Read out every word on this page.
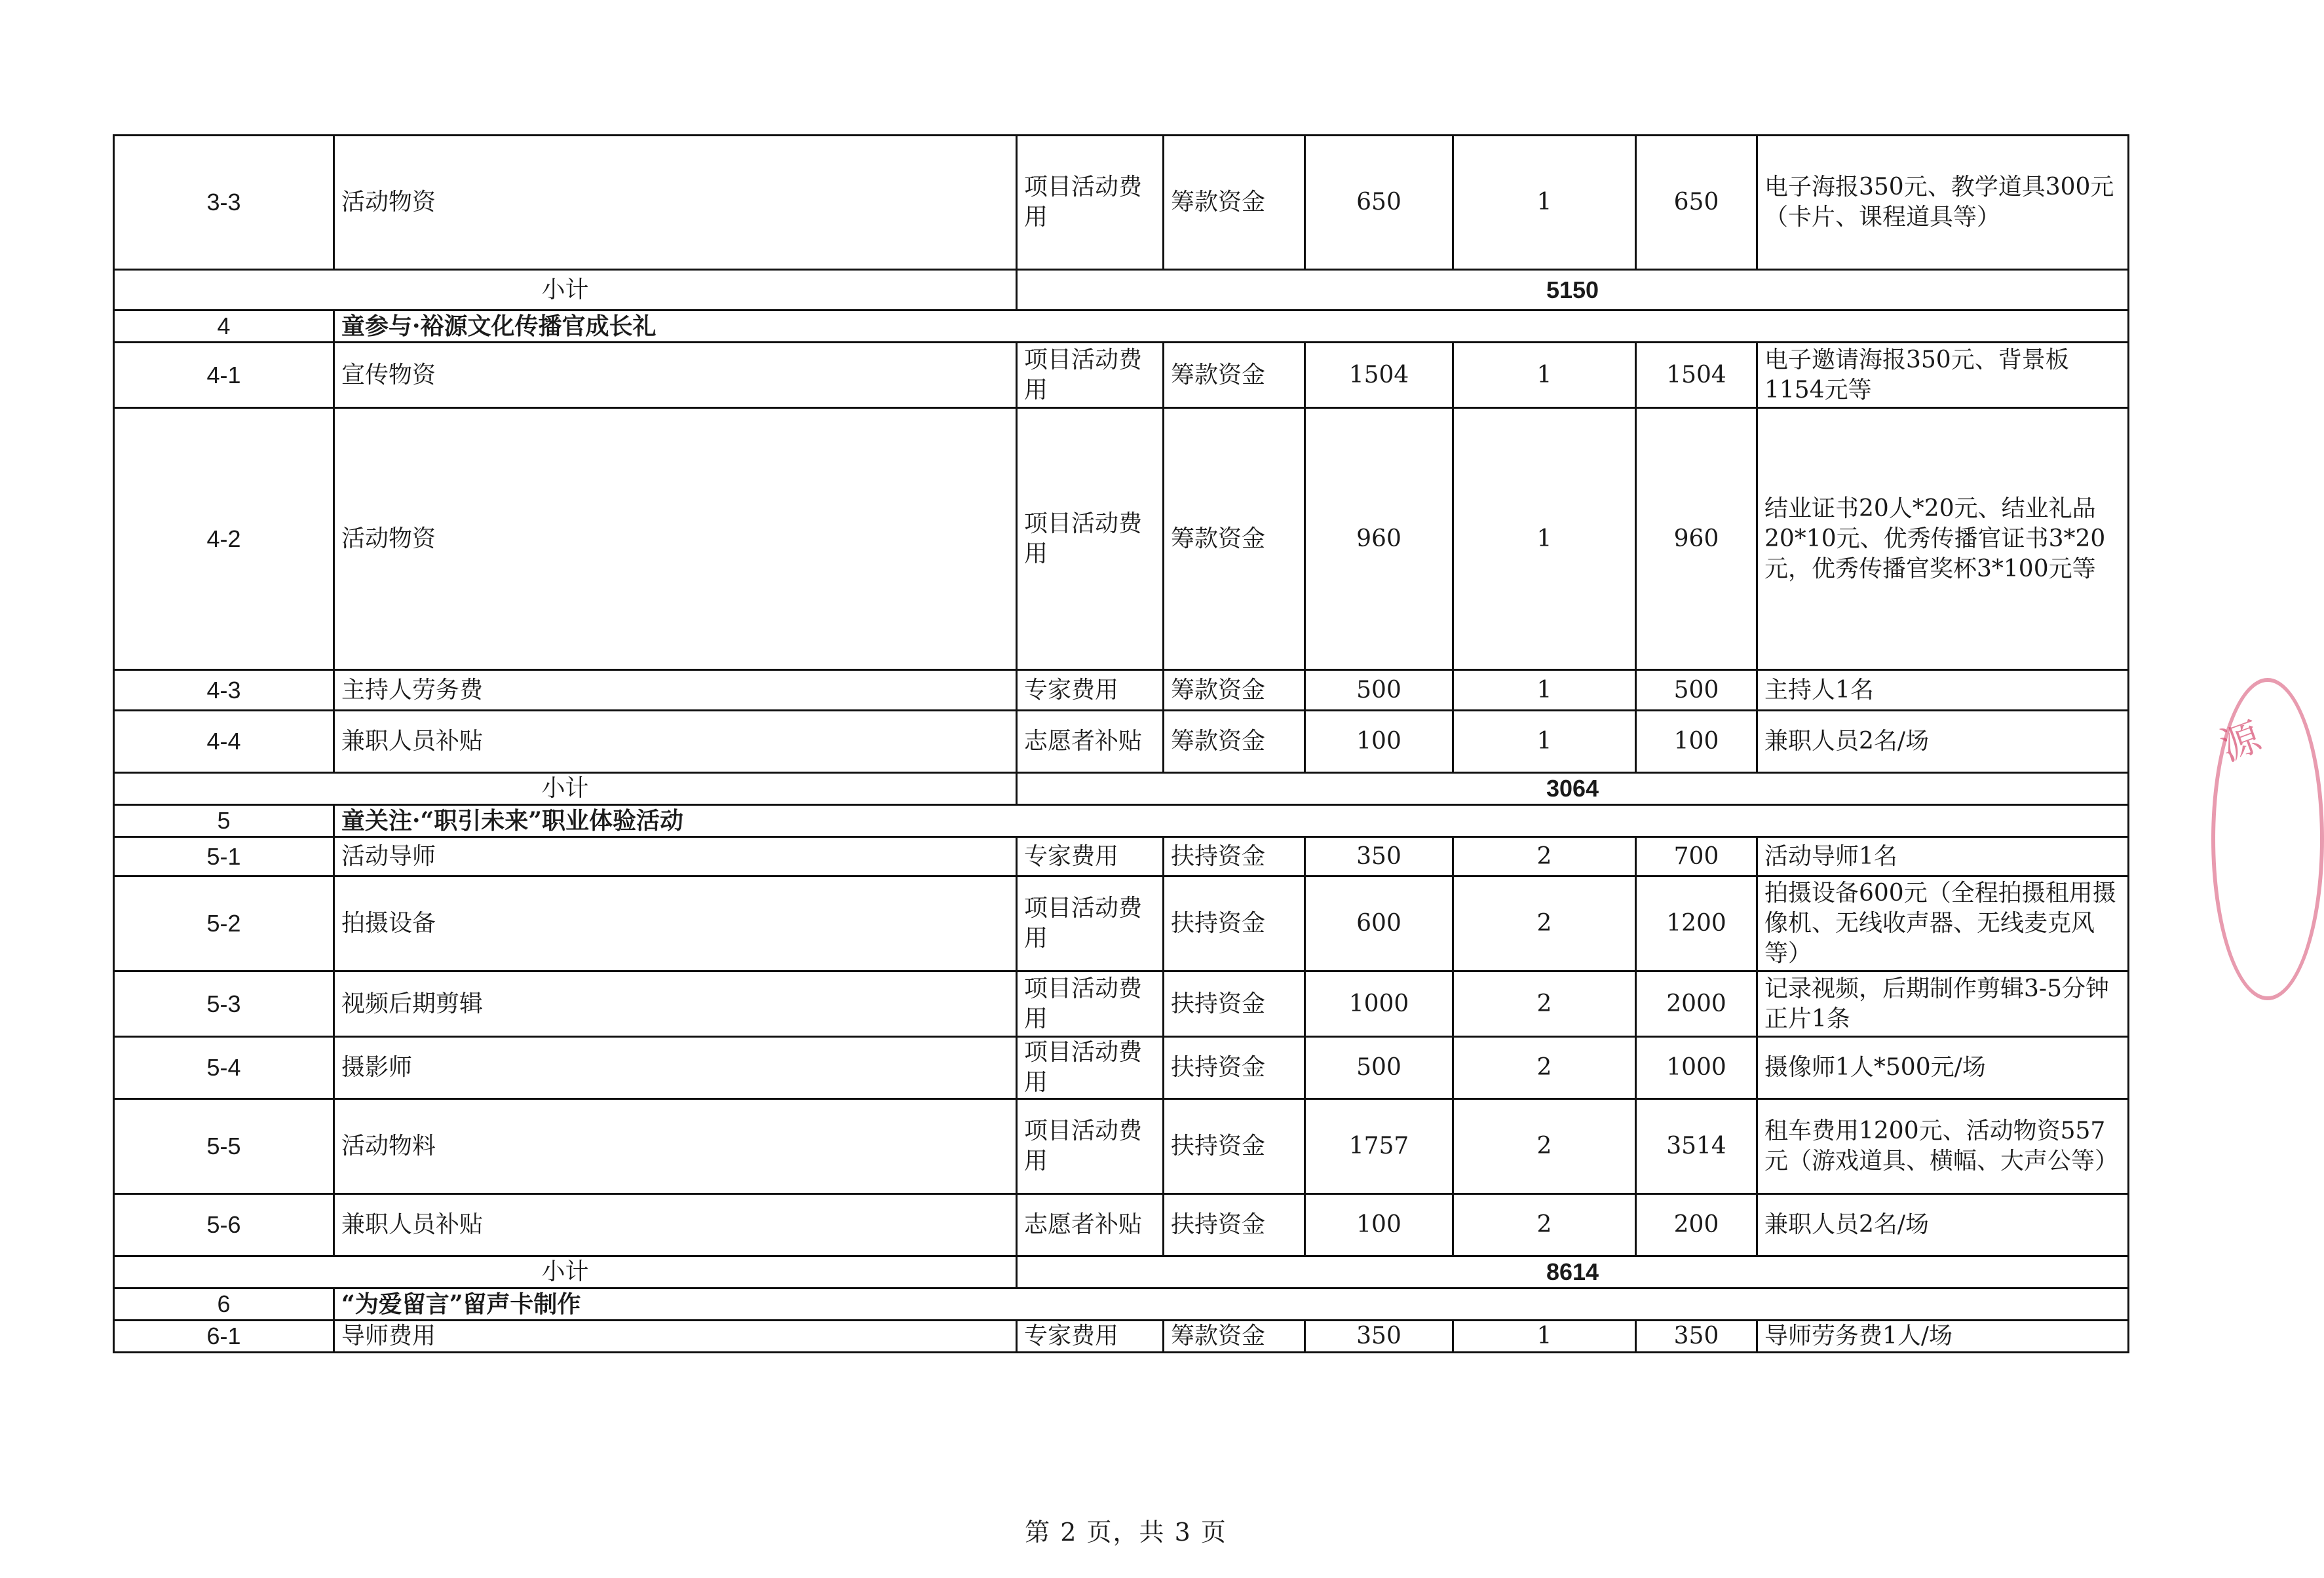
3-3	活动物资	项目活动费用	筹款资金	650	1	650	电子海报350元、教学道具300元（卡片、课程道具等）
小计		5150					
4	童参与·裕源文化传播官成长礼						
4-1	宣传物资	项目活动费用	筹款资金	1504	1	1504	电子邀请海报350元、背景板1154元等
4-2	活动物资	项目活动费用	筹款资金	960	1	960	结业证书20人*20元、结业礼品20*10元、优秀传播官证书3*20元，优秀传播官奖杯3*100元等
4-3	主持人劳务费	专家费用	筹款资金	500	1	500	主持人1名
4-4	兼职人员补贴	志愿者补贴	筹款资金	100	1	100	兼职人员2名/场
小计		3064					
5	童关注·“职引未来”职业体验活动						
5-1	活动导师	专家费用	扶持资金	350	2	700	活动导师1名
5-2	拍摄设备	项目活动费用	扶持资金	600	2	1200	拍摄设备600元（全程拍摄租用摄像机、无线收声器、无线麦克风等）
5-3	视频后期剪辑	项目活动费用	扶持资金	1000	2	2000	记录视频，后期制作剪辑3-5分钟正片1条
5-4	摄影师	项目活动费用	扶持资金	500	2	1000	摄像师1人*500元/场
5-5	活动物料	项目活动费用	扶持资金	1757	2	3514	租车费用1200元、活动物资557元（游戏道具、横幅、大声公等）
5-6	兼职人员补贴	志愿者补贴	扶持资金	100	2	200	兼职人员2名/场
小计		8614					
6	“为爱留言”留声卡制作						
6-1	导师费用	专家费用	筹款资金	350	1	350	导师劳务费1人/场
源
第 2 页，共 3 页
